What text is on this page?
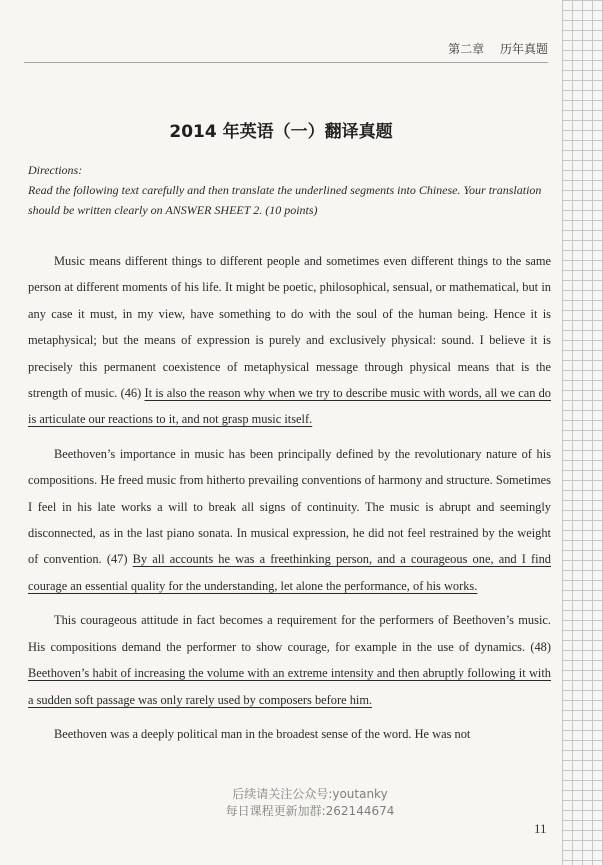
第二章 历年真题
2014 年英语（一）翻译真题
Directions:
Read the following text carefully and then translate the underlined segments into Chinese. Your translation should be written clearly on ANSWER SHEET 2. (10 points)

Music means different things to different people and sometimes even different things to the same person at different moments of his life. It might be poetic, philosophical, sensual, or mathematical, but in any case it must, in my view, have something to do with the soul of the human being. Hence it is metaphysical; but the means of expression is purely and exclusively physical: sound. I believe it is precisely this permanent coexistence of metaphysical message through physical means that is the strength of music. (46) It is also the reason why when we try to describe music with words, all we can do is articulate our reactions to it, and not grasp music itself.

Beethoven’s importance in music has been principally defined by the revolutionary nature of his compositions. He freed music from hitherto prevailing conventions of harmony and structure. Sometimes I feel in his late works a will to break all signs of continuity. The music is abrupt and seemingly disconnected, as in the last piano sonata. In musical expression, he did not feel restrained by the weight of convention. (47) By all accounts he was a freethinking person, and a courageous one, and I find courage an essential quality for the understanding, let alone the performance, of his works.

This courageous attitude in fact becomes a requirement for the performers of Beethoven’s music. His compositions demand the performer to show courage, for example in the use of dynamics. (48) Beethoven’s habit of increasing the volume with an extreme intensity and then abruptly following it with a sudden soft passage was only rarely used by composers before him.

Beethoven was a deeply political man in the broadest sense of the word. He was not

后续请关注公众号:youtanky
每日课程更新加群:262144674
11
